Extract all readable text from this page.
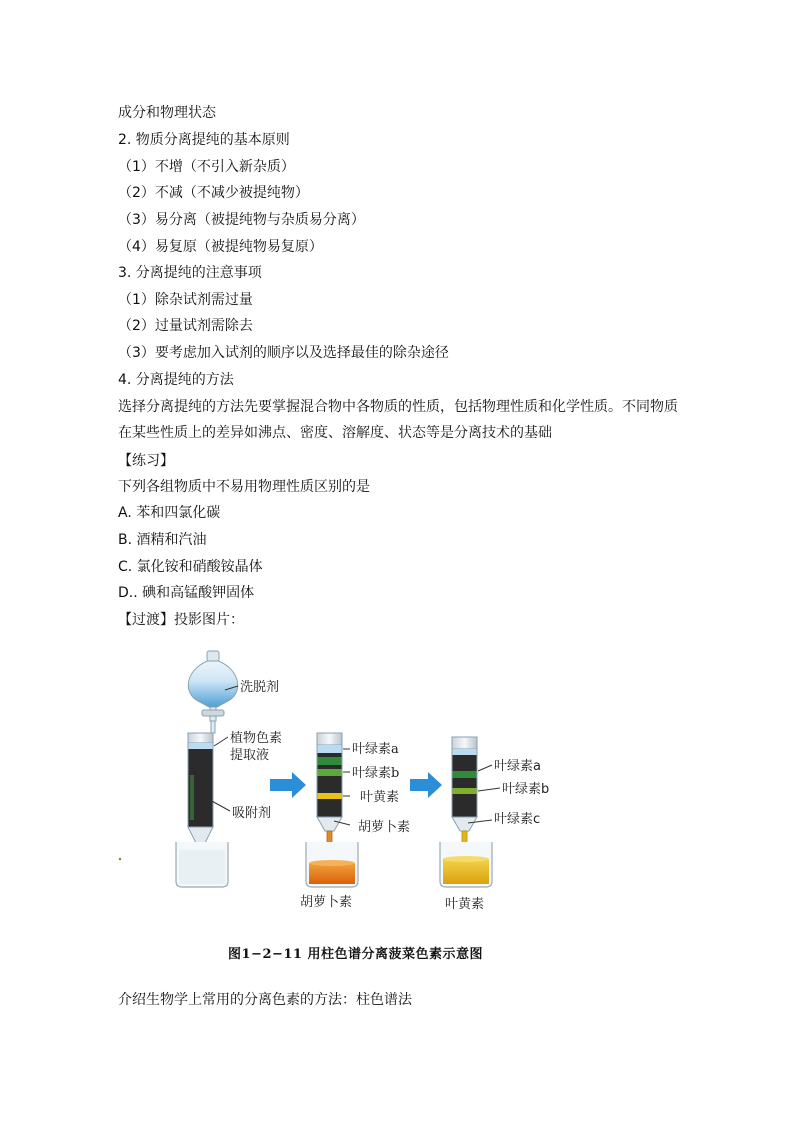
成分和物理状态
2. 物质分离提纯的基本原则
（1）不增（不引入新杂质）
（2）不减（不减少被提纯物）
（3）易分离（被提纯物与杂质易分离）
（4）易复原（被提纯物易复原）
3. 分离提纯的注意事项
（1）除杂试剂需过量
（2）过量试剂需除去
（3）要考虑加入试剂的顺序以及选择最佳的除杂途径
4. 分离提纯的方法
选择分离提纯的方法先要掌握混合物中各物质的性质，包括物理性质和化学性质。不同物质在某些性质上的差异如沸点、密度、溶解度、状态等是分离技术的基础
【练习】
下列各组物质中不易用物理性质区别的是
A. 苯和四氯化碳
B. 酒精和汽油
C. 氯化铵和硝酸铵晶体
D.. 碘和高锰酸钾固体
【过渡】投影图片：
洗脱剂
植物色素
提取液
吸附剂
叶绿素a
叶绿素b
叶黄素
胡萝卜素
胡萝卜素
叶绿素a
叶绿素b
叶绿素c
叶黄素
图1−2−11 用柱色谱分离菠菜色素示意图
介绍生物学上常用的分离色素的方法：柱色谱法
